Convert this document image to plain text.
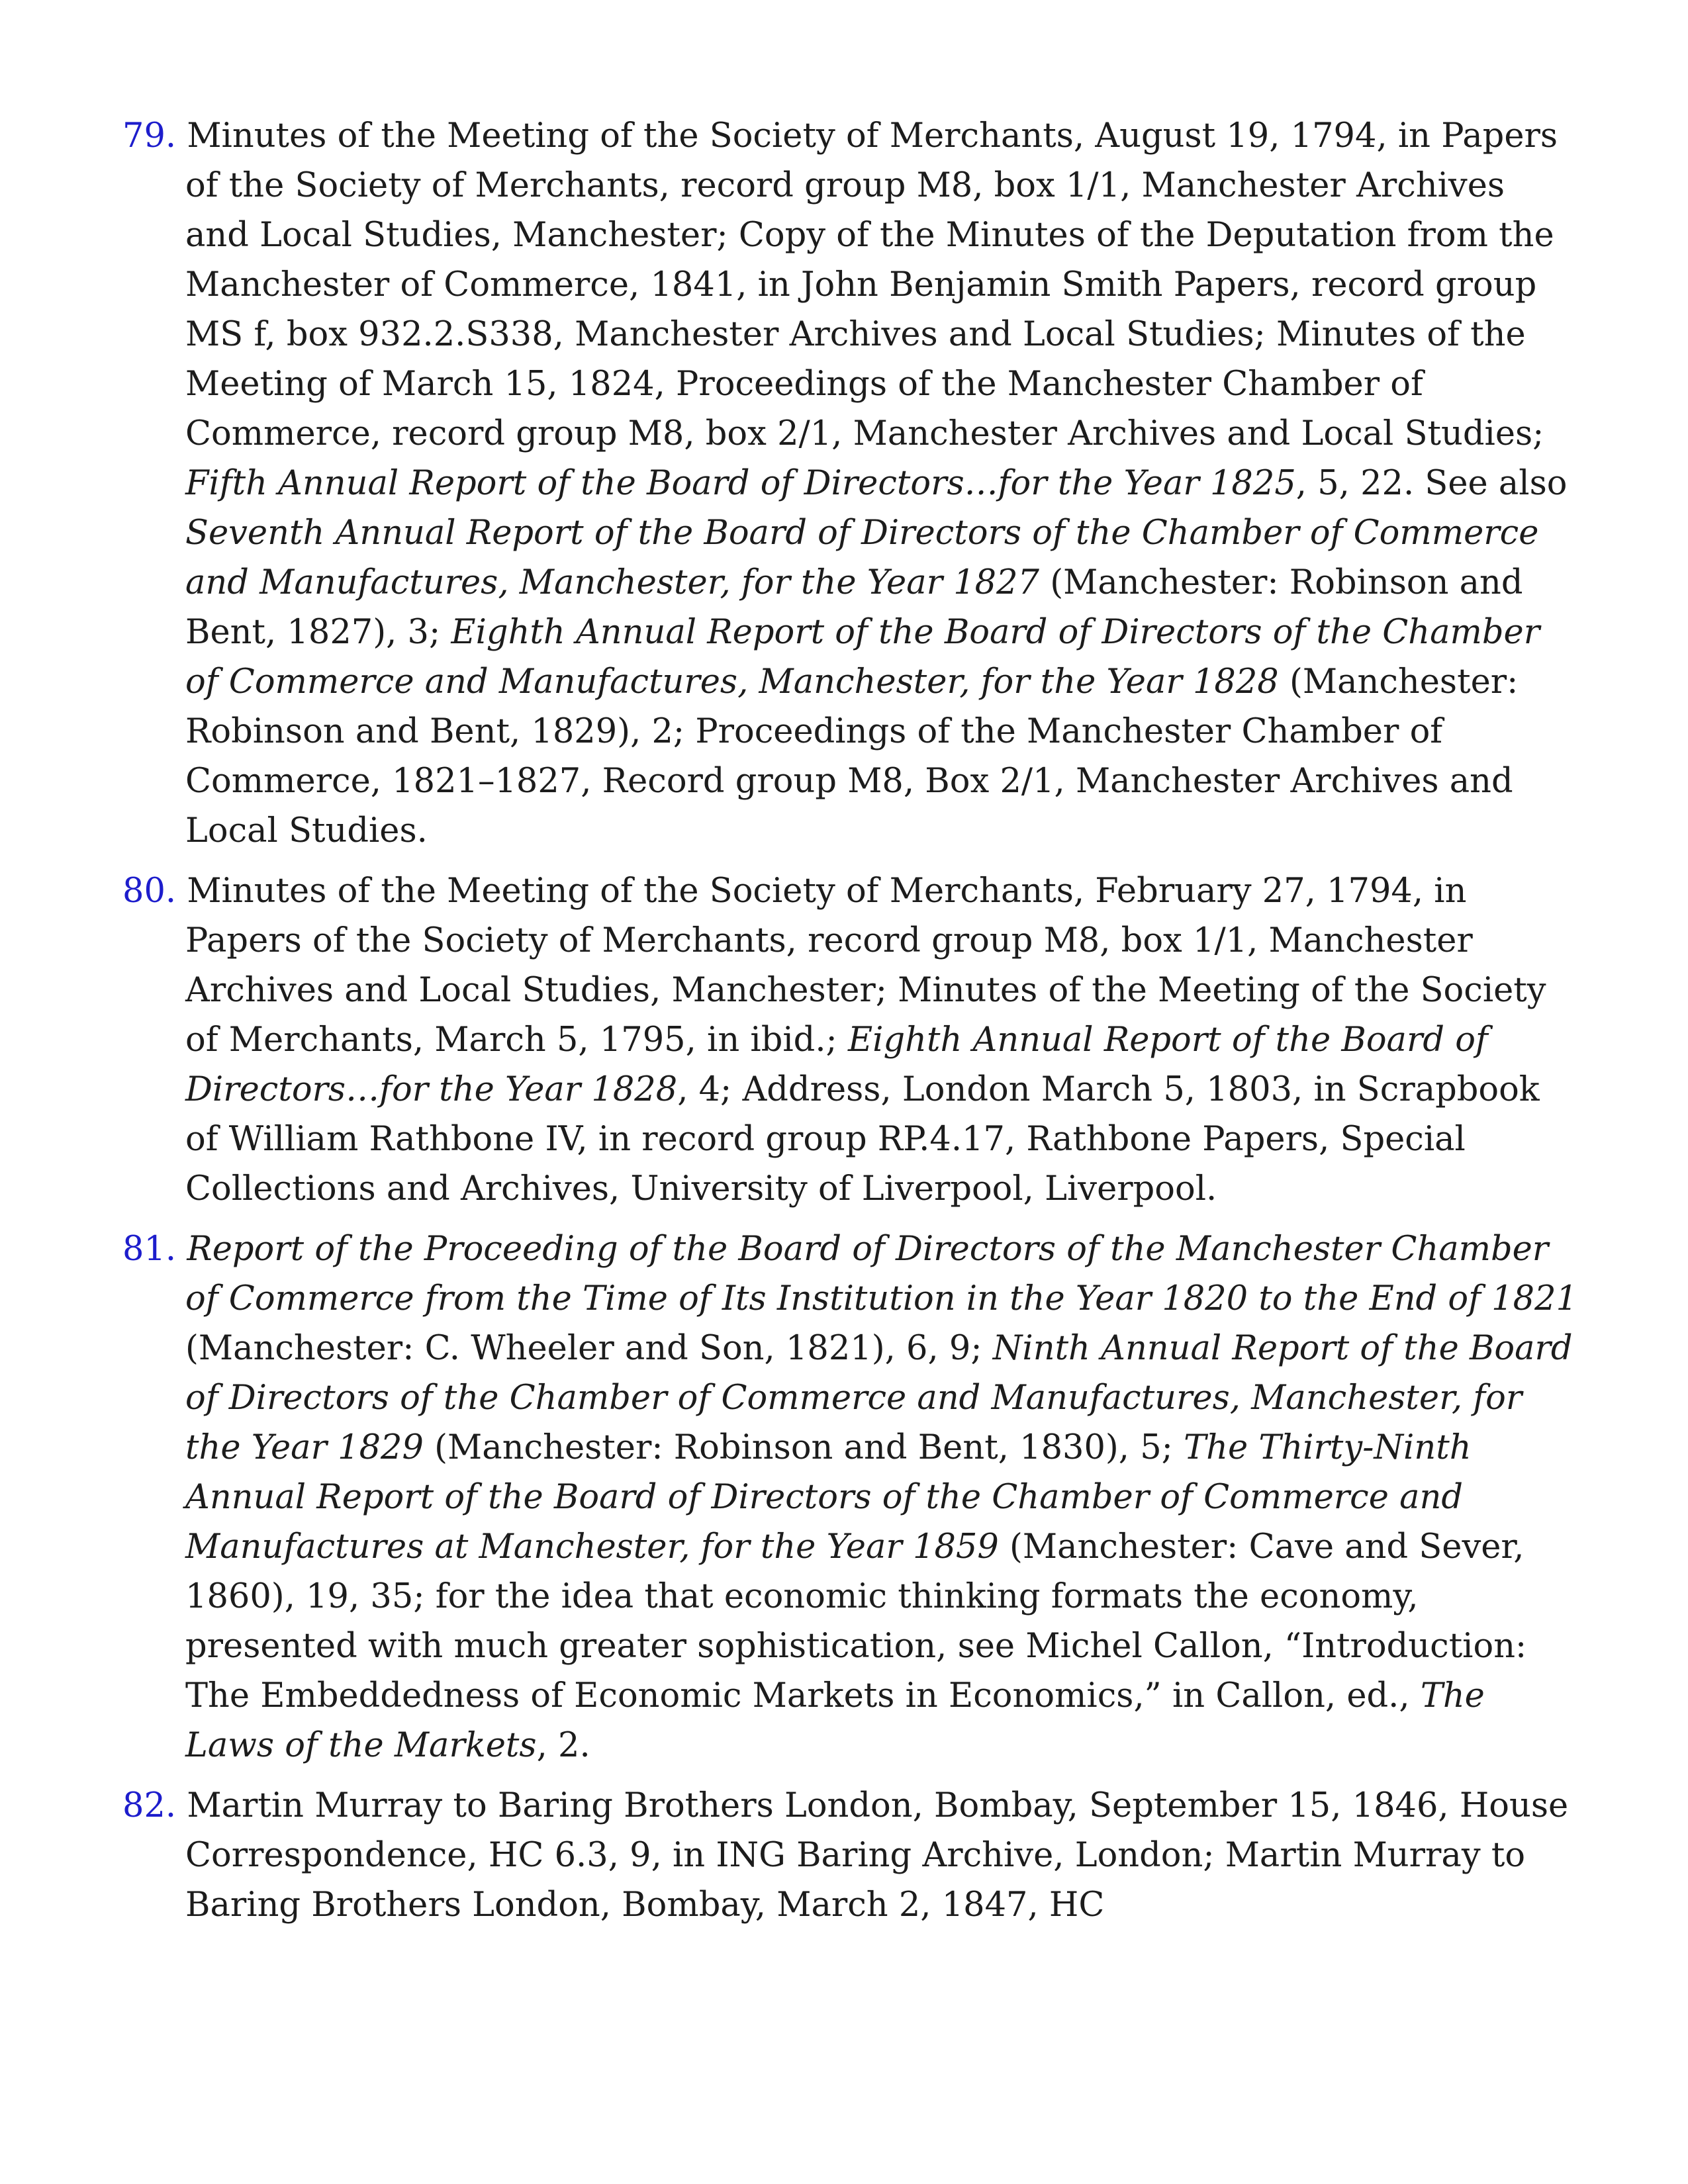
79. Minutes of the Meeting of the Society of Merchants, August 19, 1794, in Papers of the Society of Merchants, record group M8, box 1/1, Manchester Archives and Local Studies, Manchester; Copy of the Minutes of the Deputation from the Manchester of Commerce, 1841, in John Benjamin Smith Papers, record group MS f, box 932.2.S338, Manchester Archives and Local Studies; Minutes of the Meeting of March 15, 1824, Proceedings of the Manchester Chamber of Commerce, record group M8, box 2/1, Manchester Archives and Local Studies; Fifth Annual Report of the Board of Directors…for the Year 1825, 5, 22. See also Seventh Annual Report of the Board of Directors of the Chamber of Commerce and Manufactures, Manchester, for the Year 1827 (Manchester: Robinson and Bent, 1827), 3; Eighth Annual Report of the Board of Directors of the Chamber of Commerce and Manufactures, Manchester, for the Year 1828 (Manchester: Robinson and Bent, 1829), 2; Proceedings of the Manchester Chamber of Commerce, 1821–1827, Record group M8, Box 2/1, Manchester Archives and Local Studies.

80. Minutes of the Meeting of the Society of Merchants, February 27, 1794, in Papers of the Society of Merchants, record group M8, box 1/1, Manchester Archives and Local Studies, Manchester; Minutes of the Meeting of the Society of Merchants, March 5, 1795, in ibid.; Eighth Annual Report of the Board of Directors…for the Year 1828, 4; Address, London March 5, 1803, in Scrapbook of William Rathbone IV, in record group RP.4.17, Rathbone Papers, Special Collections and Archives, University of Liverpool, Liverpool.

81. Report of the Proceeding of the Board of Directors of the Manchester Chamber of Commerce from the Time of Its Institution in the Year 1820 to the End of 1821 (Manchester: C. Wheeler and Son, 1821), 6, 9; Ninth Annual Report of the Board of Directors of the Chamber of Commerce and Manufactures, Manchester, for the Year 1829 (Manchester: Robinson and Bent, 1830), 5; The Thirty-Ninth Annual Report of the Board of Directors of the Chamber of Commerce and Manufactures at Manchester, for the Year 1859 (Manchester: Cave and Sever, 1860), 19, 35; for the idea that economic thinking formats the economy, presented with much greater sophistication, see Michel Callon, “Introduction: The Embeddedness of Economic Markets in Economics,” in Callon, ed., The Laws of the Markets, 2.

82. Martin Murray to Baring Brothers London, Bombay, September 15, 1846, House Correspondence, HC 6.3, 9, in ING Baring Archive, London; Martin Murray to Baring Brothers London, Bombay, March 2, 1847, HC
